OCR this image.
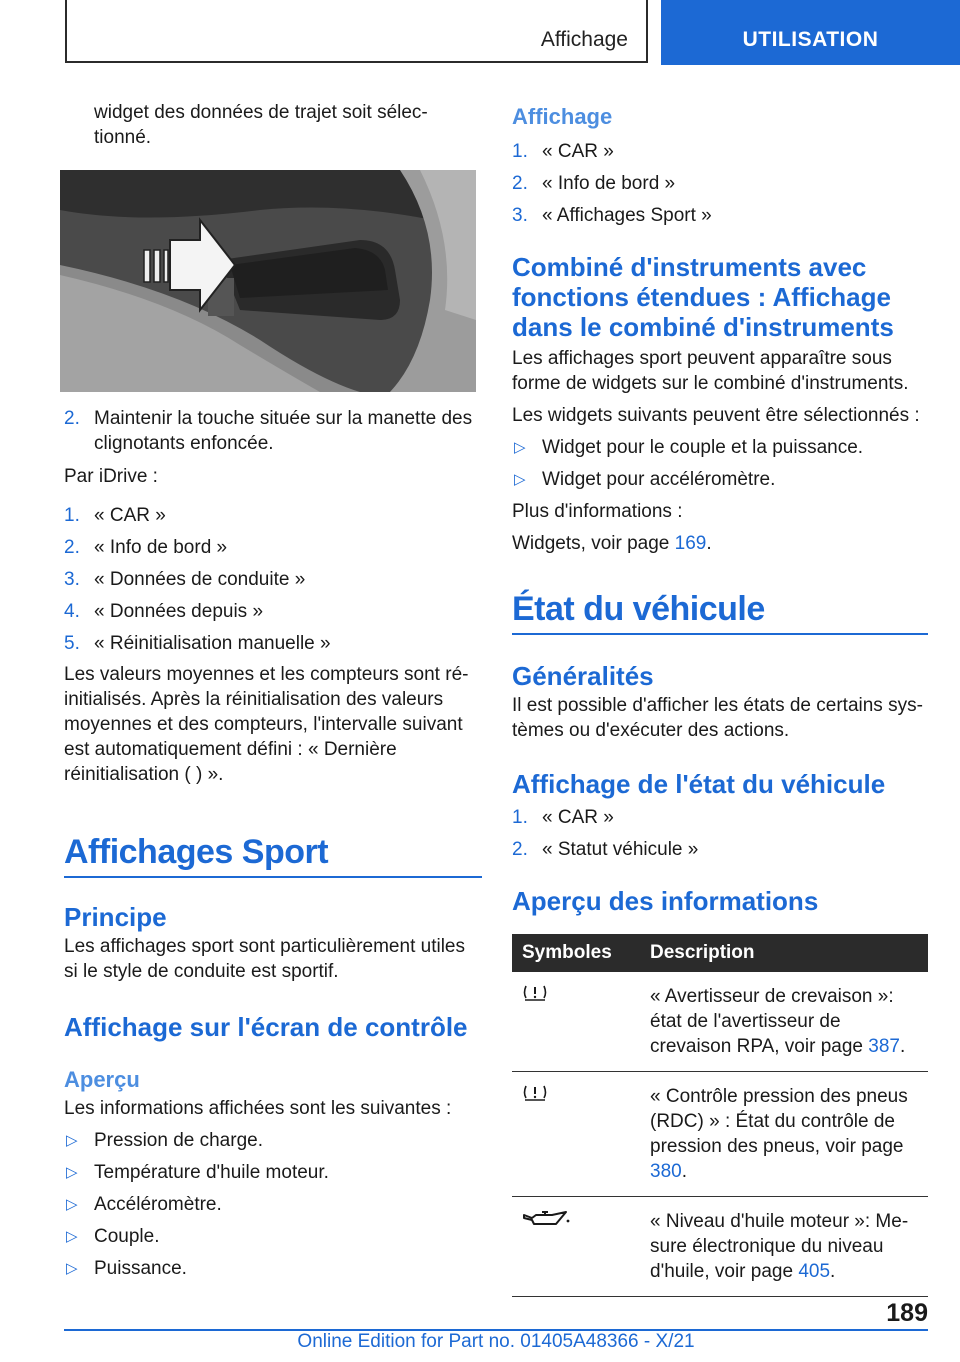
Affichage	UTILISATION

widget des données de trajet soit sélec-

tionné.

2. Maintenir la touche située sur la manette des clignotants enfoncée.

Par iDrive :

1. « CAR »
2. « Info de bord »
3. « Données de conduite »
4. « Données depuis »
5. « Réinitialisation manuelle »

Les valeurs moyennes et les compteurs sont ré- initialisés. Après la réinitialisation des valeurs moyennes et des compteurs, l'intervalle suivant est automatiquement défini : « Dernière réinitialisation ( ) ».

Affichages Sport
Principe

Les affichages sport sont particulièrement utiles si le style de conduite est sportif.

Affichage sur l'écran de contrôle
Aperçu

Les informations affichées sont les suivantes :

▷ Pression de charge.
▷ Température d'huile moteur.
▷ Accéléromètre.
▷ Couple.
▷ Puissance.
Affichage
1. « CAR »
2. « Info de bord »
3. « Affichages Sport »
Combiné d'instruments avec fonctions étendues : Affichage dans le combiné d'instruments

Les affichages sport peuvent apparaître sous forme de widgets sur le combiné d'instruments.

Les widgets suivants peuvent être sélectionnés :

▷ Widget pour le couple et la puissance.
▷ Widget pour accéléromètre.

Plus d'informations :

Widgets, voir page 169.

État du véhicule
Généralités

Il est possible d'afficher les états de certains sys- tèmes ou d'exécuter des actions.

Affichage de l'état du véhicule
1. « CAR »
2. « Statut véhicule »
Aperçu des informations
Symboles	Description
	« Avertisseur de crevaison »: état de l'avertisseur de crevaison RPA, voir page 387.
	« Contrôle pression des pneus (RDC) » : État du contrôle de pression des pneus, voir page 380.
	« Niveau d'huile moteur »: Me- sure électronique du niveau d'huile, voir page 405.
189
Online Edition for Part no. 01405A48366 - X/21
